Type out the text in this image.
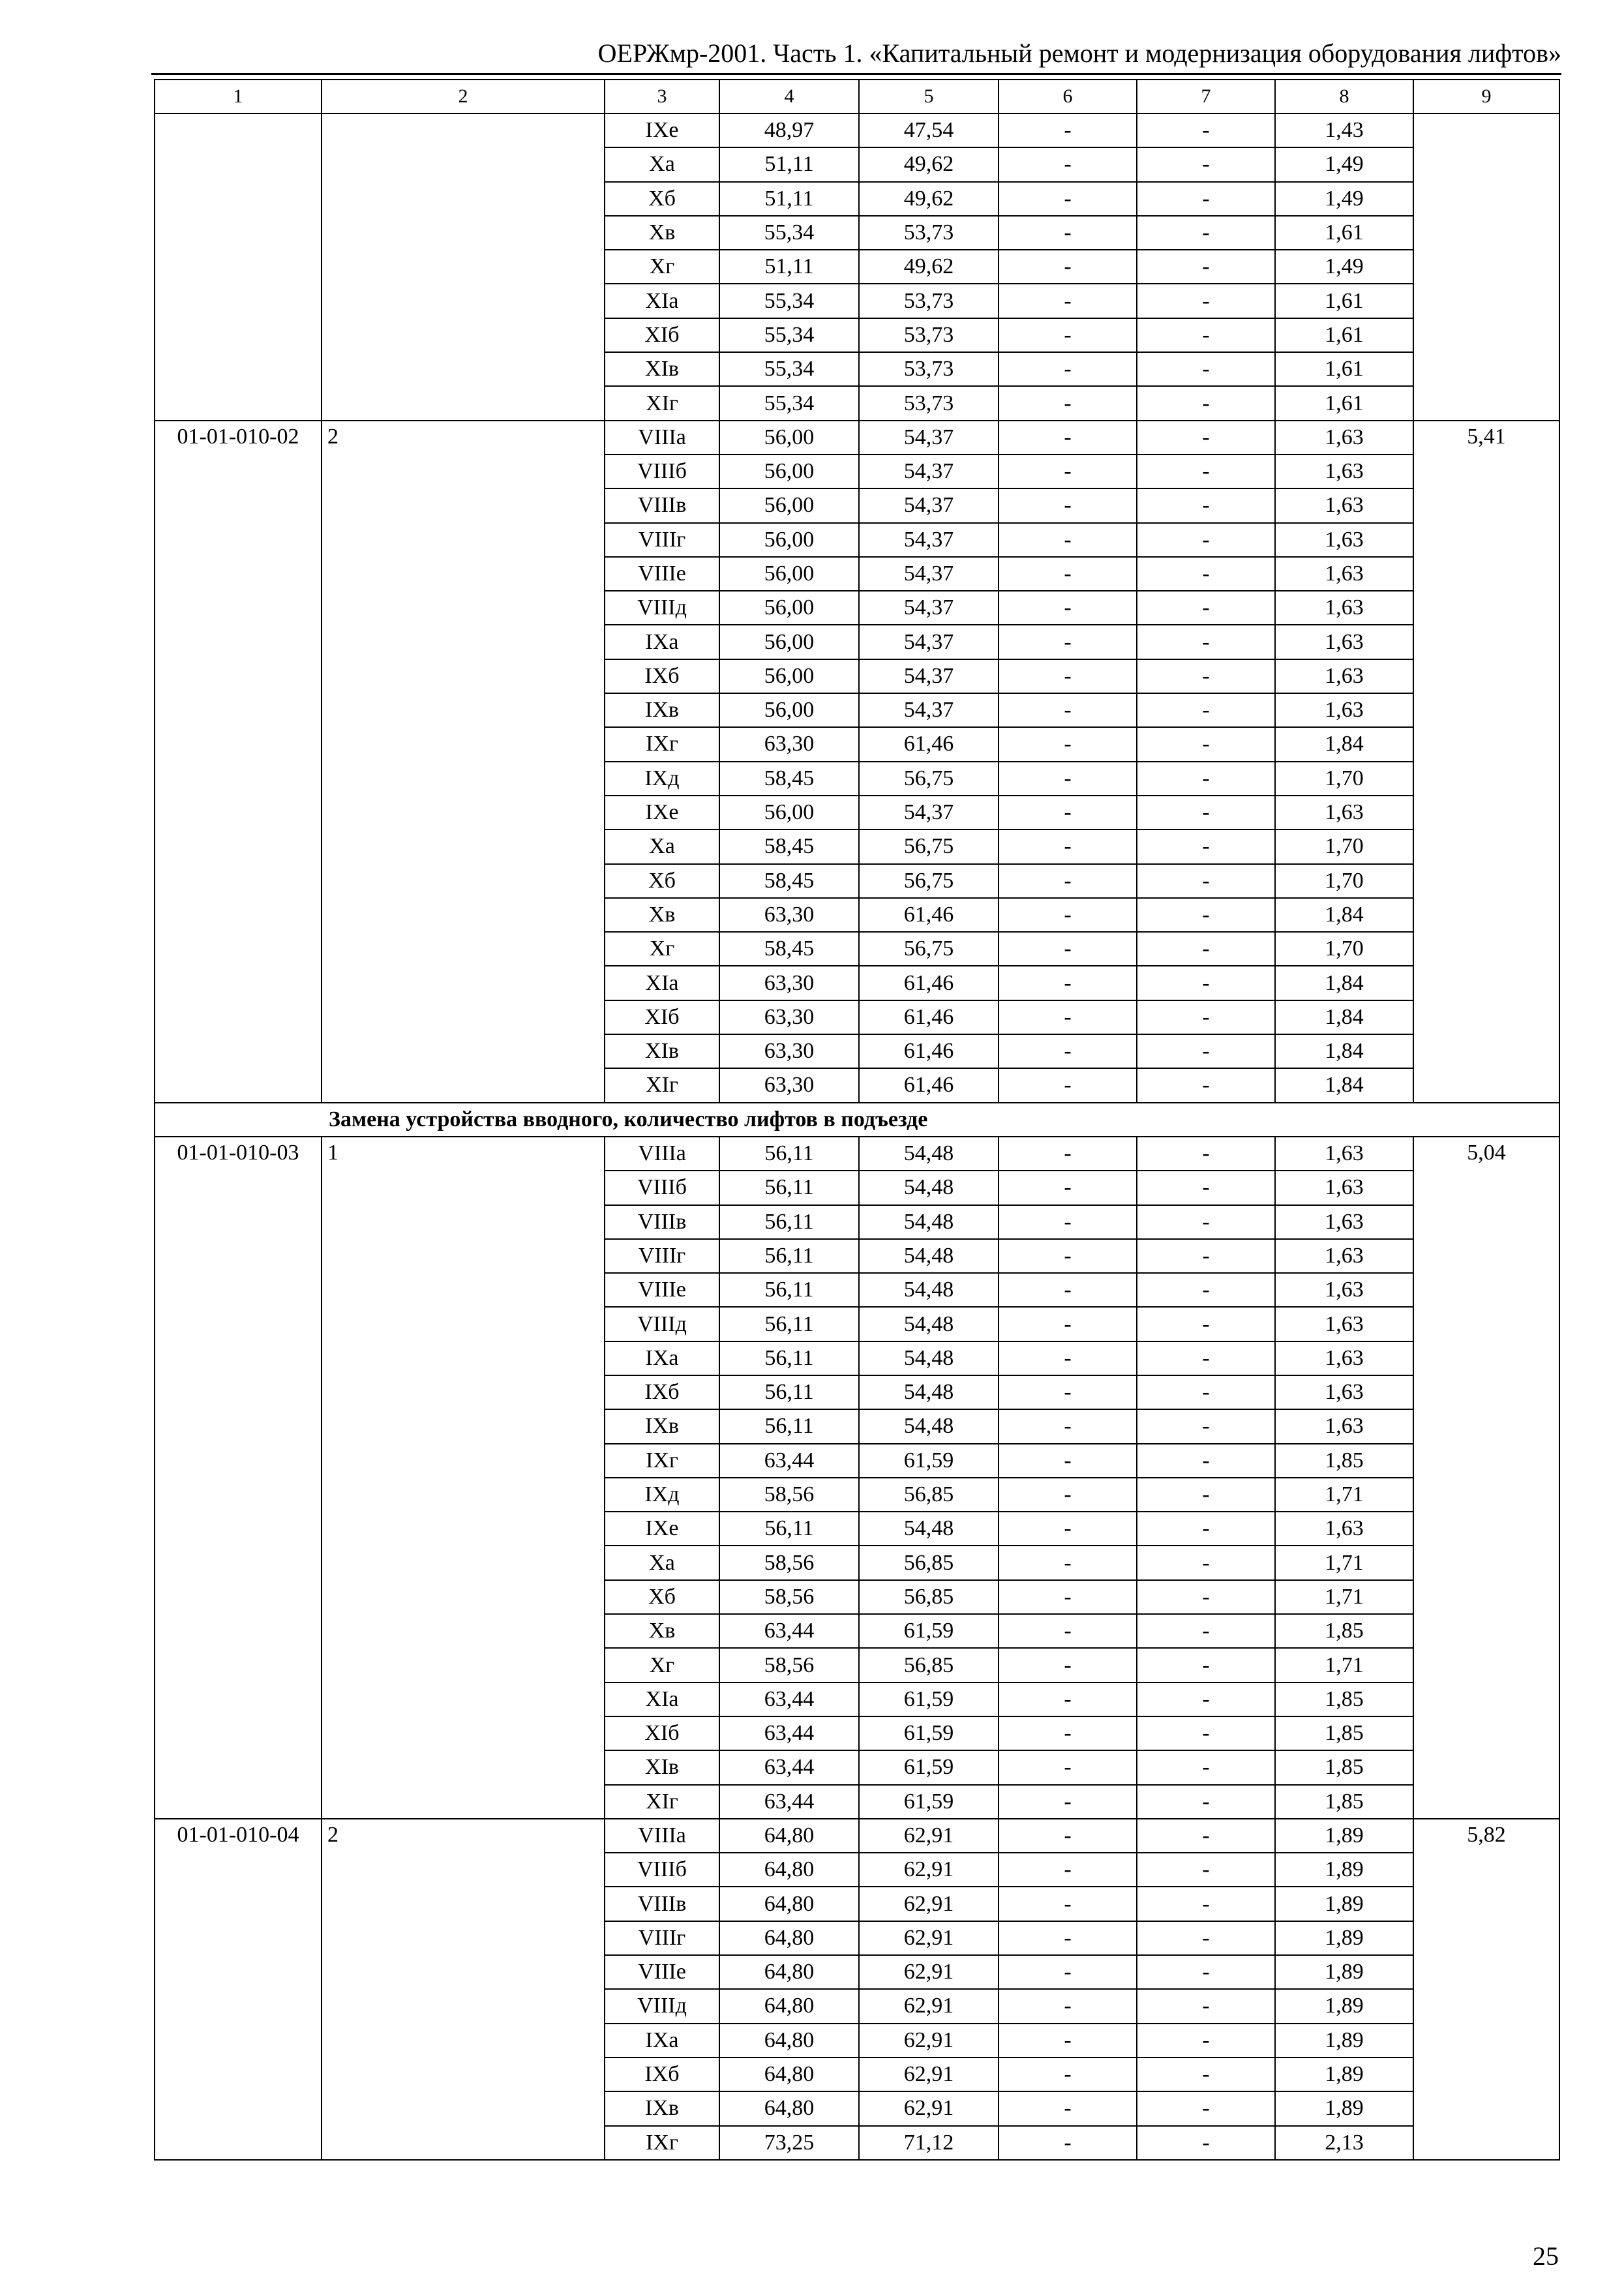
ОЕРЖмр-2001. Часть 1. «Капитальный ремонт и модернизация оборудования лифтов»
1	2	3	4	5	6	7	8	9
		IXе	48,97	47,54	-	-	1,43	
		Xа	51,11	49,62	-	-	1,49	
		Xб	51,11	49,62	-	-	1,49	
		Xв	55,34	53,73	-	-	1,61	
		Xг	51,11	49,62	-	-	1,49	
		XIа	55,34	53,73	-	-	1,61	
		XIб	55,34	53,73	-	-	1,61	
		XIв	55,34	53,73	-	-	1,61	
		XIг	55,34	53,73	-	-	1,61	
01-01-010-02	2	VIIIа	56,00	54,37	-	-	1,63	5,41
		VIIIб	56,00	54,37	-	-	1,63	
		VIIIв	56,00	54,37	-	-	1,63	
		VIIIг	56,00	54,37	-	-	1,63	
		VIIIе	56,00	54,37	-	-	1,63	
		VIIIд	56,00	54,37	-	-	1,63	
		IXа	56,00	54,37	-	-	1,63	
		IXб	56,00	54,37	-	-	1,63	
		IXв	56,00	54,37	-	-	1,63	
		IXг	63,30	61,46	-	-	1,84	
		IXд	58,45	56,75	-	-	1,70	
		IXе	56,00	54,37	-	-	1,63	
		Xа	58,45	56,75	-	-	1,70	
		Xб	58,45	56,75	-	-	1,70	
		Xв	63,30	61,46	-	-	1,84	
		Xг	58,45	56,75	-	-	1,70	
		XIа	63,30	61,46	-	-	1,84	
		XIб	63,30	61,46	-	-	1,84	
		XIв	63,30	61,46	-	-	1,84	
		XIг	63,30	61,46	-	-	1,84	
Замена устройства вводного, количество лифтов в подъезде								
01-01-010-03	1	VIIIа	56,11	54,48	-	-	1,63	5,04
		VIIIб	56,11	54,48	-	-	1,63	
		VIIIв	56,11	54,48	-	-	1,63	
		VIIIг	56,11	54,48	-	-	1,63	
		VIIIе	56,11	54,48	-	-	1,63	
		VIIIд	56,11	54,48	-	-	1,63	
		IXа	56,11	54,48	-	-	1,63	
		IXб	56,11	54,48	-	-	1,63	
		IXв	56,11	54,48	-	-	1,63	
		IXг	63,44	61,59	-	-	1,85	
		IXд	58,56	56,85	-	-	1,71	
		IXе	56,11	54,48	-	-	1,63	
		Xа	58,56	56,85	-	-	1,71	
		Xб	58,56	56,85	-	-	1,71	
		Xв	63,44	61,59	-	-	1,85	
		Xг	58,56	56,85	-	-	1,71	
		XIа	63,44	61,59	-	-	1,85	
		XIб	63,44	61,59	-	-	1,85	
		XIв	63,44	61,59	-	-	1,85	
		XIг	63,44	61,59	-	-	1,85	
01-01-010-04	2	VIIIа	64,80	62,91	-	-	1,89	5,82
		VIIIб	64,80	62,91	-	-	1,89	
		VIIIв	64,80	62,91	-	-	1,89	
		VIIIг	64,80	62,91	-	-	1,89	
		VIIIе	64,80	62,91	-	-	1,89	
		VIIIд	64,80	62,91	-	-	1,89	
		IXа	64,80	62,91	-	-	1,89	
		IXб	64,80	62,91	-	-	1,89	
		IXв	64,80	62,91	-	-	1,89	
		IXг	73,25	71,12	-	-	2,13	
25
